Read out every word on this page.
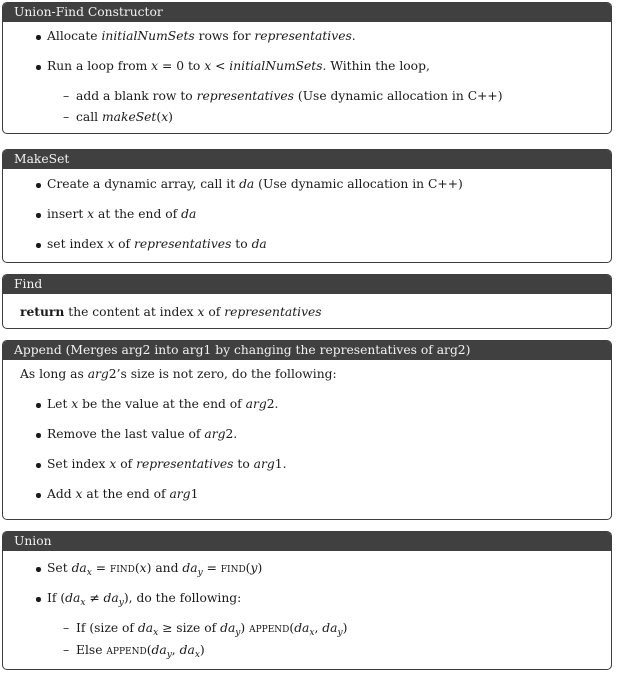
Union-Find Constructor
Allocate initialNumSets rows for representatives.
Run a loop from x = 0 to x < initialNumSets. Within the loop,
– add a blank row to representatives (Use dynamic allocation in C++)
– call makeSet(x)
MakeSet
Create a dynamic array, call it da (Use dynamic allocation in C++)
insert x at the end of da
set index x of representatives to da
Find
return the content at index x of representatives
Append (Merges arg2 into arg1 by changing the representatives of arg2)
As long as arg2’s size is not zero, do the following:
Let x be the value at the end of arg2.
Remove the last value of arg2.
Set index x of representatives to arg1.
Add x at the end of arg1
Union
Set $da_x$ = find(x) and $da_y$ = find(y)
If $(da_x \ne da_y)$, do the following:
– If (size of $da_x$ ≥ size of $da_y$) $append(da_x$, $da_y$)
– Else $append(da_y$, $da_x$)
